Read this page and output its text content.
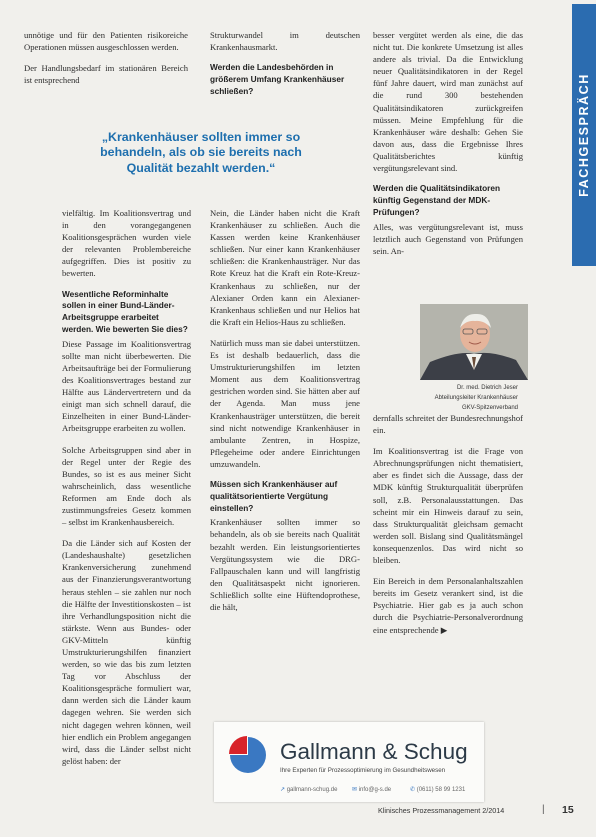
FACHGESPRÄCH

unnötige und für den Patienten risikoreiche Operationen müssen ausgeschlossen werden.

Der Handlungsbedarf im stationären Bereich ist entsprechend

Strukturwandel im deutschen Krankenhausmarkt.

Werden die Landesbehörden in größerem Umfang Krankenhäuser schließen?

besser vergütet werden als eine, die das nicht tut. Die konkrete Umsetzung ist alles andere als trivial. Da die Entwicklung neuer Qualitätsindikatoren in der Regel fünf Jahre dauert, wird man zunächst auf die rund 300 bestehenden Qualitätsindikatoren zurückgreifen müssen. Meine Empfehlung für die Krankenhäuser wäre deshalb: Gehen Sie davon aus, dass die Ergebnisse Ihres Qualitätsberichtes künftig vergütungsrelevant sind.

Werden die Qualitätsindikatoren künftig Gegenstand der MDK-Prüfungen?

Alles, was vergütungsrelevant ist, muss letztlich auch Gegenstand von Prüfungen sein. An-

„Krankenhäuser sollten immer so behandeln, als ob sie bereits nach Qualität bezahlt werden.“

vielfältig. Im Koalitionsvertrag und in den vorangegangenen Koalitionsgesprächen wurden viele der relevanten Problembereiche aufgegriffen. Dies ist positiv zu bewerten.

Wesentliche Reforminhalte sollen in einer Bund-Länder-Arbeitsgruppe erarbeitet werden. Wie bewerten Sie dies?

Diese Passage im Koalitionsvertrag sollte man nicht überbewerten. Die Arbeitsaufträge bei der Formulierung des Koalitionsvertrages bestand zur Hälfte aus Ländervertretern und da einigt man sich schnell darauf, die Einzelheiten in einer Bund-Länder-Arbeitsgruppe erarbeiten zu wollen.

Solche Arbeitsgruppen sind aber in der Regel unter der Regie des Bundes, so ist es aus meiner Sicht wahrscheinlich, dass wesentliche Reformen am Ende doch als zustimmungsfreies Gesetz kommen – selbst im Krankenhausbereich.

Da die Länder sich auf Kosten der (Landeshaushalte) gesetzlichen Krankenversicherung zunehmend aus der Finanzierungsverantwortung heraus stehlen – sie zahlen nur noch die Hälfte der Investitionskosten – ist ihre Verhandlungsposition nicht die stärkste. Wenn aus Bundes- oder GKV-Mitteln künftig Umstrukturierungshilfen finanziert werden, so wie das bis zum letzten Tag vor Abschluss der Koalitionsgespräche formuliert war, dann werden sich die Länder kaum dagegen wehren. Sie werden sich nicht dagegen wehren können, weil hier endlich ein Problem angegangen wird, dass die Länder selbst nicht gelöst haben: der

Nein, die Länder haben nicht die Kraft Krankenhäuser zu schließen. Auch die Kassen werden keine Krankenhäuser schließen. Nur einer kann Krankenhäuser schließen: die Krankenhausträger. Nur das Rote Kreuz hat die Kraft ein Rote-Kreuz-Krankenhaus zu schließen, nur der Alexianer Orden kann ein Alexianer-Krankenhaus schließen und nur Helios hat die Kraft ein Helios-Haus zu schließen.

Natürlich muss man sie dabei unterstützen. Es ist deshalb bedauerlich, dass die Umstrukturierungshilfen im letzten Moment aus dem Koalitionsvertrag gestrichen worden sind. Sie hätten aber auf der Agenda. Man muss jene Krankenhausträger unterstützen, die bereit sind nicht notwendige Krankenhäuser in ambulante Zentren, in Hospize, Pflegeheime oder andere Einrichtungen umzuwandeln.

Müssen sich Krankenhäuser auf qualitätsorientierte Vergütung einstellen?

Krankenhäuser sollten immer so behandeln, als ob sie bereits nach Qualität bezahlt werden. Ein leistungsorientiertes Vergütungssystem wie die DRG-Fallpauschalen kann und will langfristig den Qualitätsaspekt nicht ignorieren. Schließlich sollte eine Hüftendoprothese, die hält,

dernfalls schreitet der Bundesrechnungshof ein.

Im Koalitionsvertrag ist die Frage von Abrechnungsprüfungen nicht thematisiert, aber es findet sich die Aussage, dass der MDK künftig Strukturqualität überprüfen soll, z.B. Personalausstattungen. Das scheint mir ein Hinweis darauf zu sein, dass Strukturqualität gleichsam gemacht werden soll. Bislang sind Qualitätsmängel konsequenzenlos. Das wird nicht so bleiben.

Ein Bereich in dem Personalanhaltszahlen bereits im Gesetz verankert sind, ist die Psychiatrie. Hier gab es ja auch schon durch die Psychiatrie-Personalverordnung eine entsprechende ▶

Dr. med. Dietrich Jeser
Abteilungsleiter Krankenhäuser
GKV-Spitzenverband
Gallmann & Schug
Ihre Experten für Prozessoptimierung im Gesundheitswesen
↗ gallmann-schug.de ✉ info@g-s.de	✆ (0611) 58 99 1231
Klinisches Prozessmanagement 2/2014	| 15
